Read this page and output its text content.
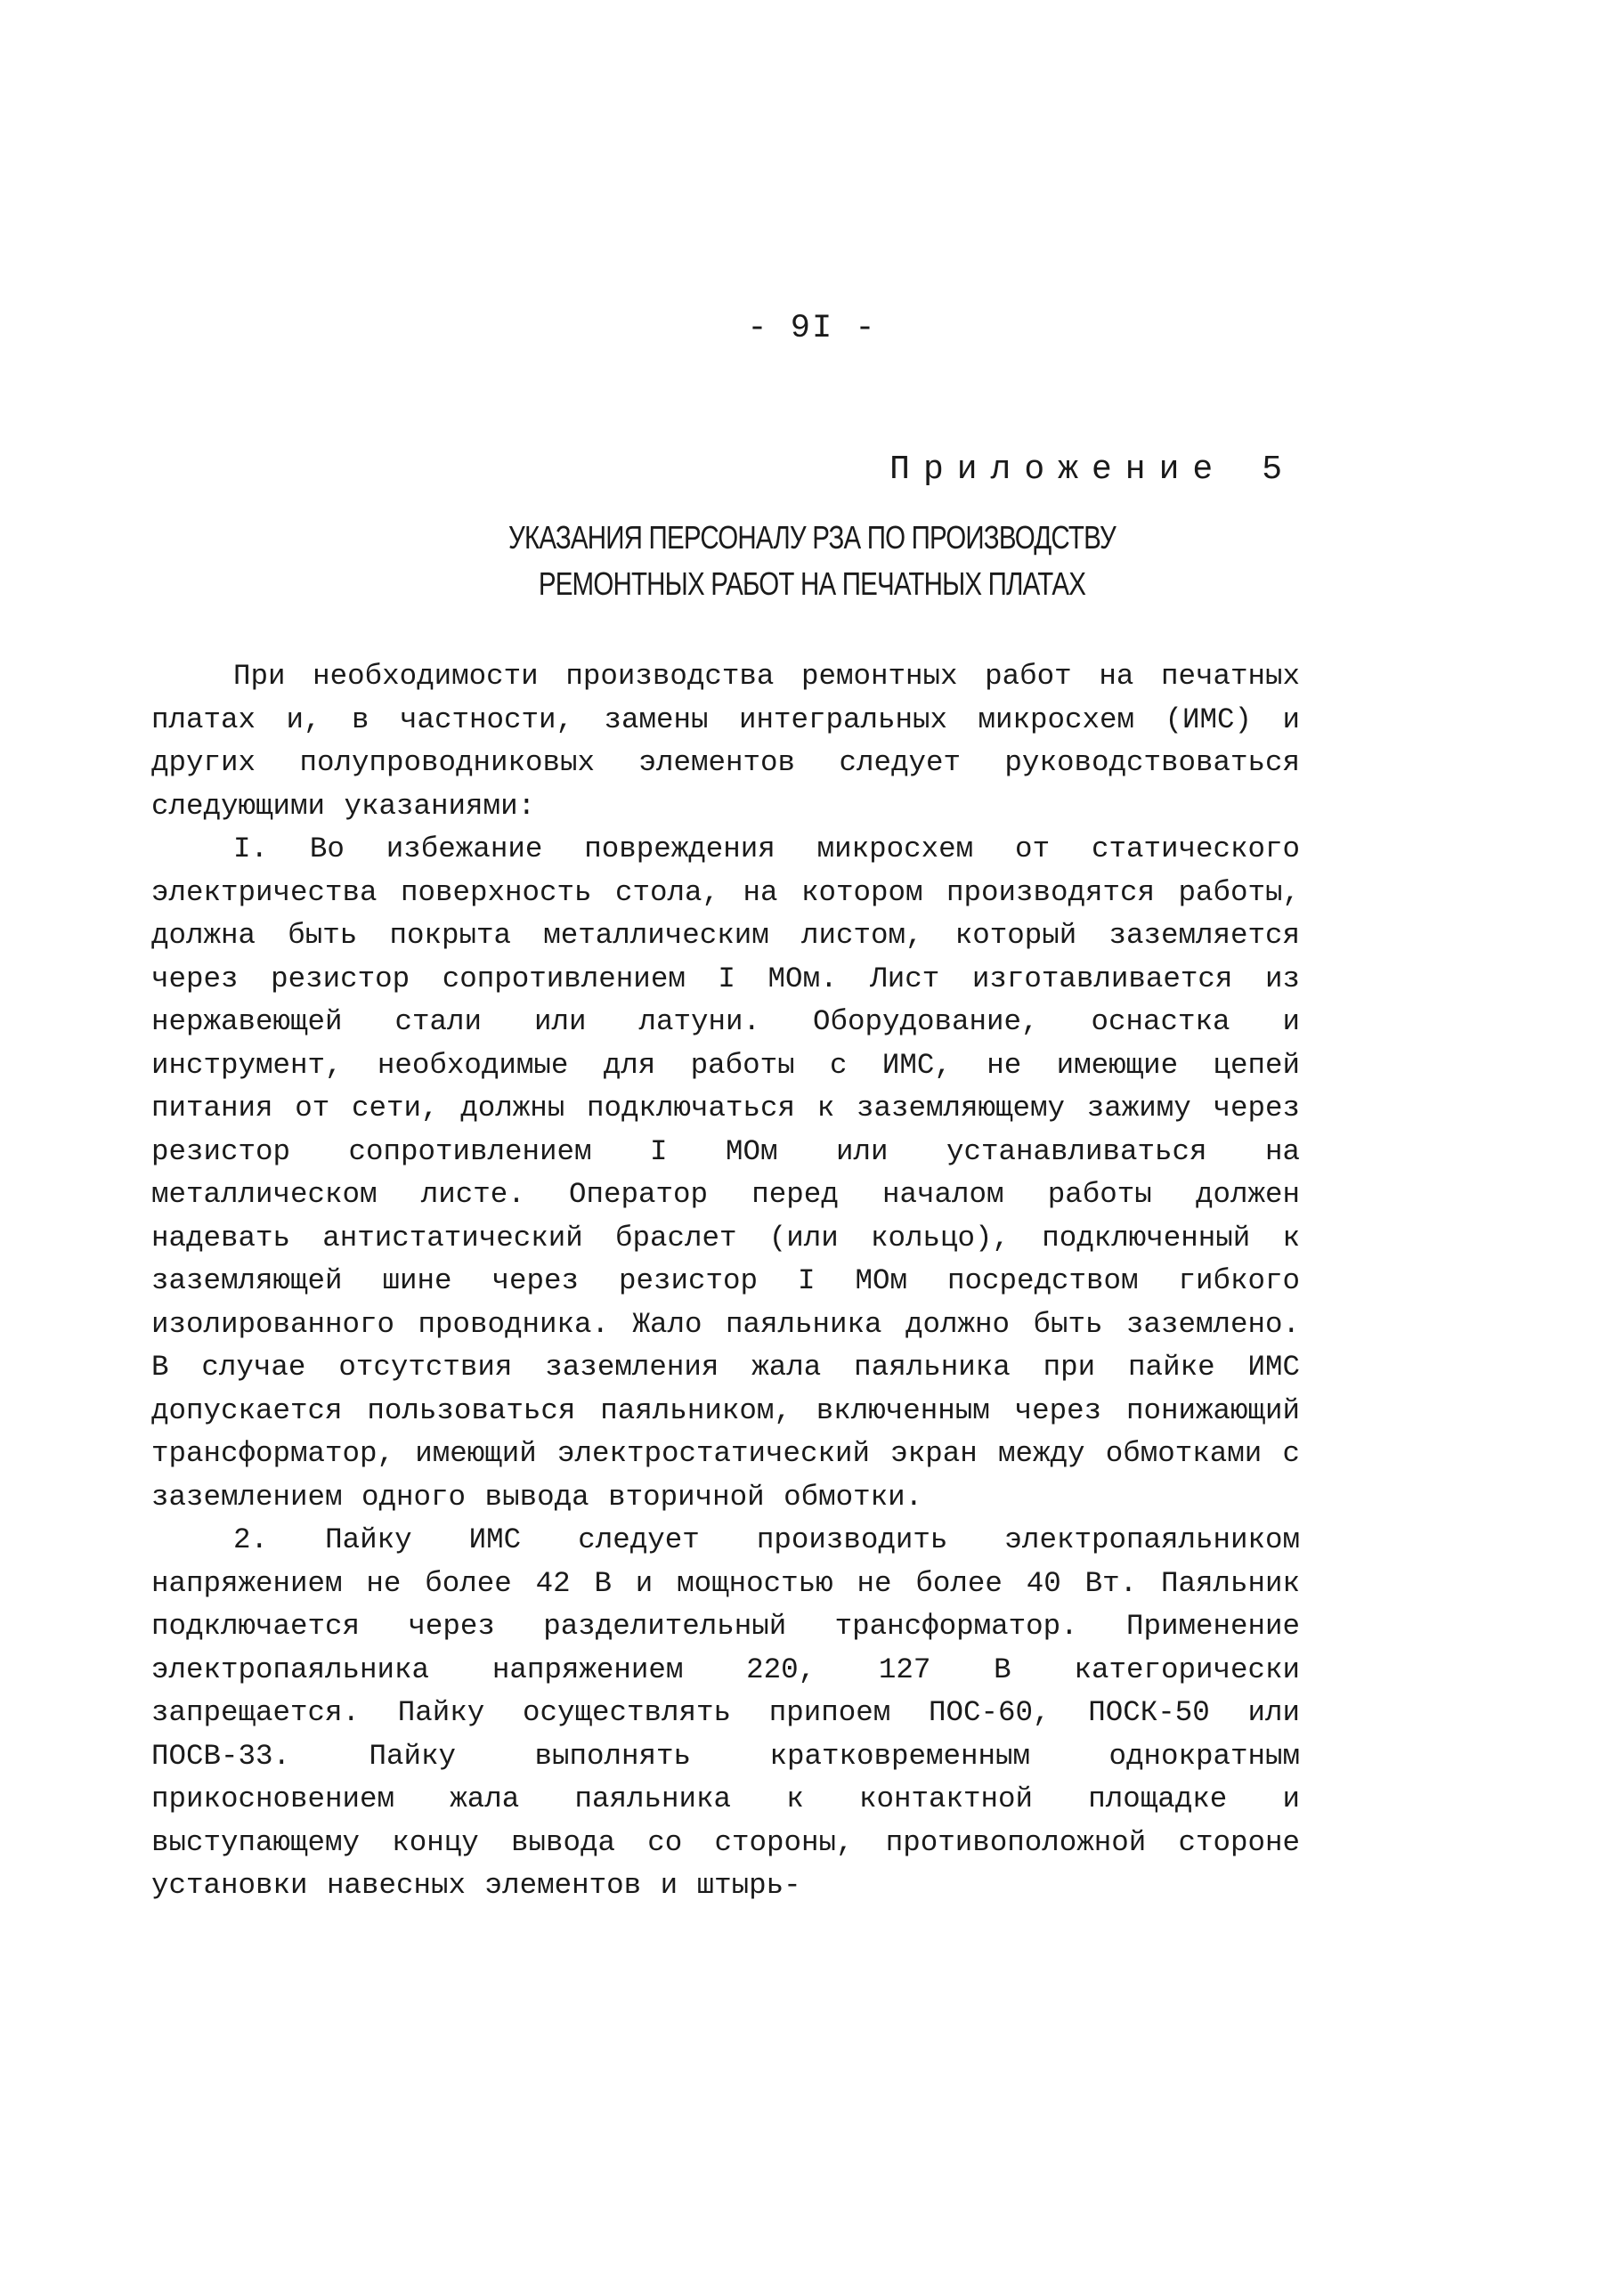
- 9I -
Приложение 5
УКАЗАНИЯ ПЕРСОНАЛУ РЗА ПО ПРОИЗВОДСТВУ
РЕМОНТНЫХ РАБОТ НА ПЕЧАТНЫХ ПЛАТАХ

При необходимости производства ремонтных работ на печатных платах и, в частности, замены интегральных микросхем (ИМС) и других полупроводниковых элементов следует руководствоваться следующими указаниями:

I. Во избежание повреждения микросхем от статического электричества поверхность стола, на котором производятся работы, должна быть покрыта металлическим листом, который заземляется через резистор сопротивлением I МОм. Лист изготавливается из нержавеющей стали или латуни. Оборудование, оснастка и инструмент, необходимые для работы с ИМС, не имеющие цепей питания от сети, должны подключаться к заземляющему зажиму через резистор сопротивлением I МОм или устанавливаться на металлическом листе. Оператор перед началом работы должен надевать антистатический браслет (или кольцо), подключенный к заземляющей шине через резистор I МОм посредством гибкого изолированного проводника. Жало паяльника должно быть заземлено. В случае отсутствия заземления жала паяльника при пайке ИМС допускается пользоваться паяльником, включенным через понижающий трансформатор, имеющий электростатический экран между обмотками с заземлением одного вывода вторичной обмотки.

2. Пайку ИМС следует производить электропаяльником напряжением не более 42 В и мощностью не более 40 Вт. Паяльник подключается через разделительный трансформатор. Применение электропаяльника напряжением 220, 127 В категорически запрещается. Пайку осуществлять припоем ПОС-60, ПОСК-50 или ПОСВ-33. Пайку выполнять кратковременным однократным прикосновением жала паяльника к контактной площадке и выступающему концу вывода со стороны, противоположной стороне установки навесных элементов и штырь-
